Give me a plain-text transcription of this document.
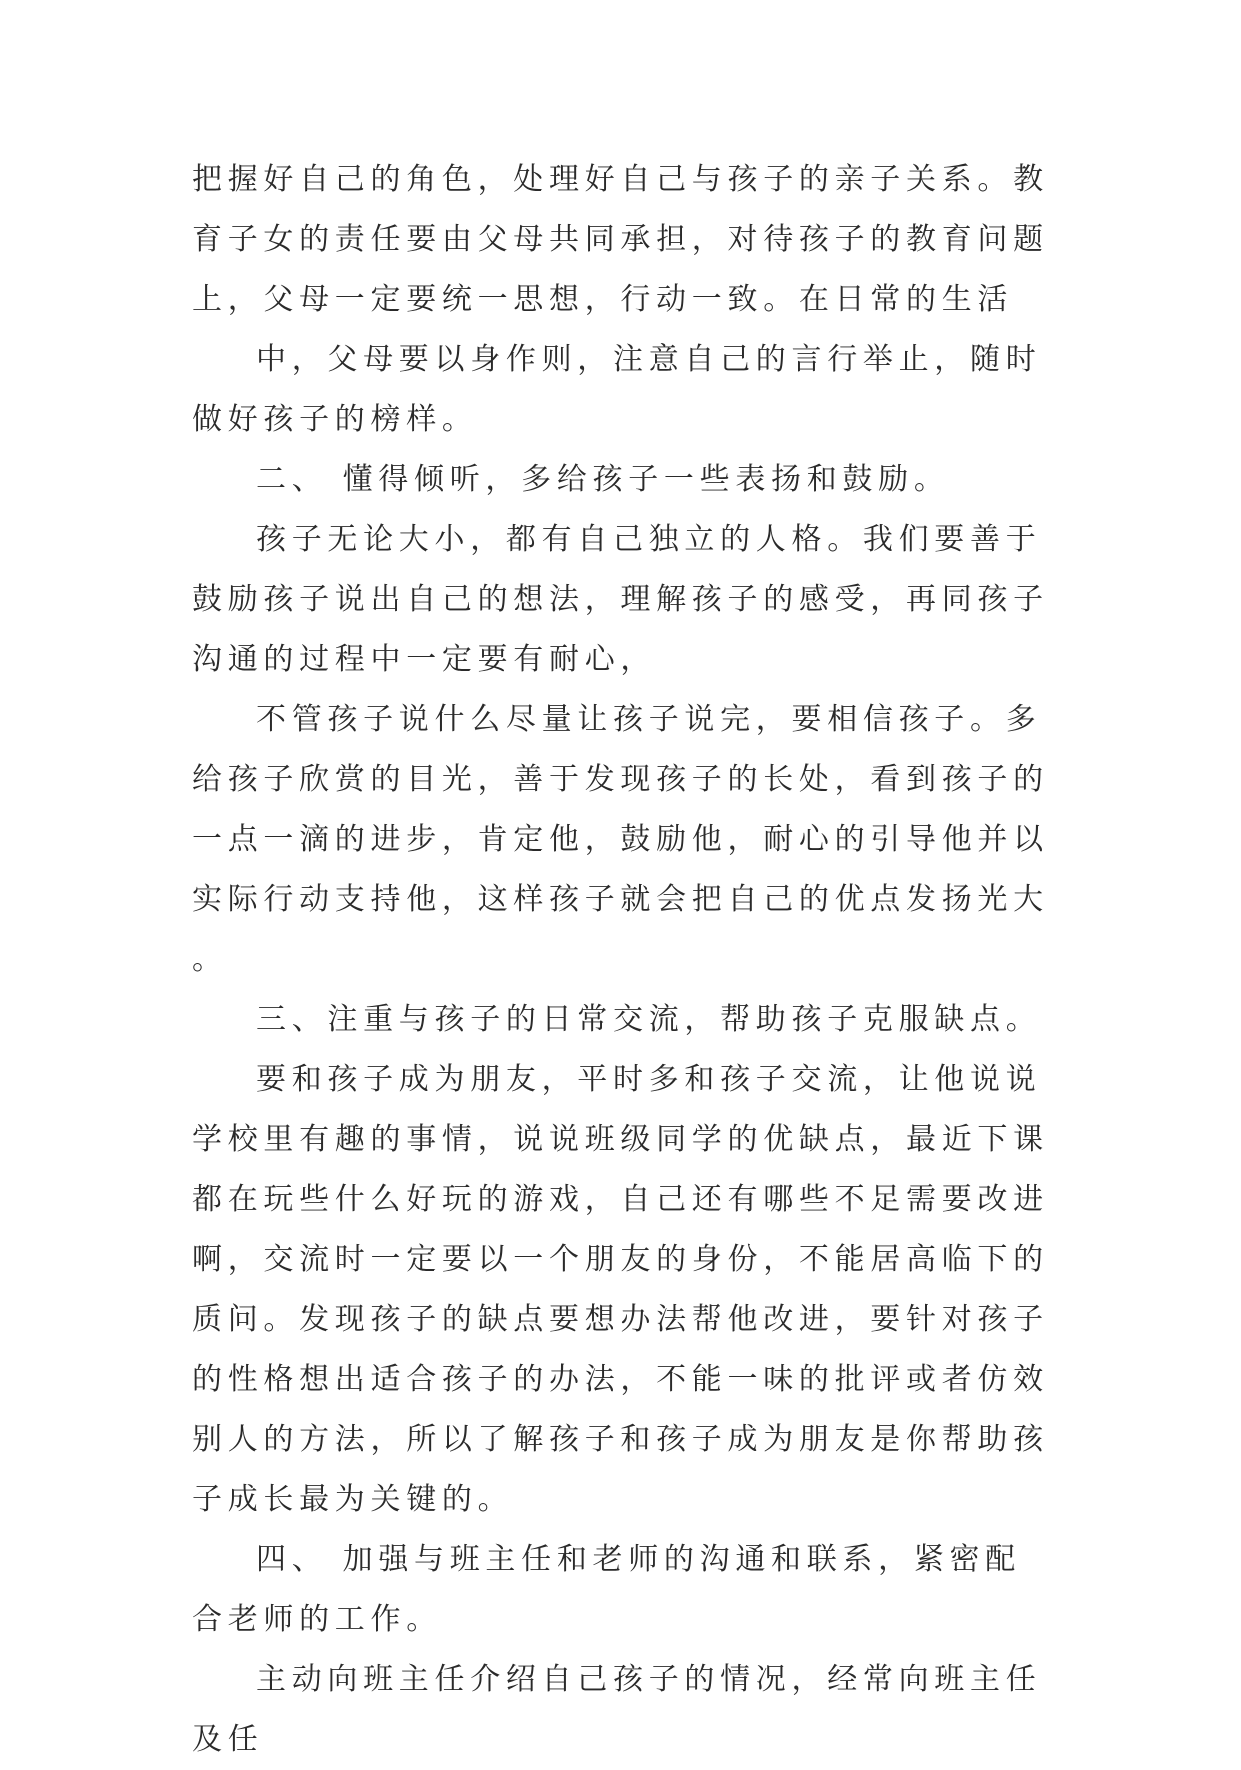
把握好自己的角色，处理好自己与孩子的亲子关系。教育子女的责任要由父母共同承担，对待孩子的教育问题上，父母一定要统一思想，行动一致。在日常的生活

中，父母要以身作则，注意自己的言行举止，随时做好孩子的榜样。

二、 懂得倾听，多给孩子一些表扬和鼓励。

孩子无论大小，都有自己独立的人格。我们要善于鼓励孩子说出自己的想法，理解孩子的感受，再同孩子沟通的过程中一定要有耐心，

不管孩子说什么尽量让孩子说完，要相信孩子。多给孩子欣赏的目光，善于发现孩子的长处，看到孩子的一点一滴的进步，肯定他，鼓励他，耐心的引导他并以实际行动支持他，这样孩子就会把自己的优点发扬光大。

三、注重与孩子的日常交流，帮助孩子克服缺点。

要和孩子成为朋友，平时多和孩子交流，让他说说学校里有趣的事情，说说班级同学的优缺点，最近下课都在玩些什么好玩的游戏，自己还有哪些不足需要改进啊，交流时一定要以一个朋友的身份，不能居高临下的质问。发现孩子的缺点要想办法帮他改进，要针对孩子的性格想出适合孩子的办法，不能一味的批评或者仿效别人的方法，所以了解孩子和孩子成为朋友是你帮助孩子成长最为关键的。

四、 加强与班主任和老师的沟通和联系，紧密配合老师的工作。

主动向班主任介绍自己孩子的情况，经常向班主任及任
